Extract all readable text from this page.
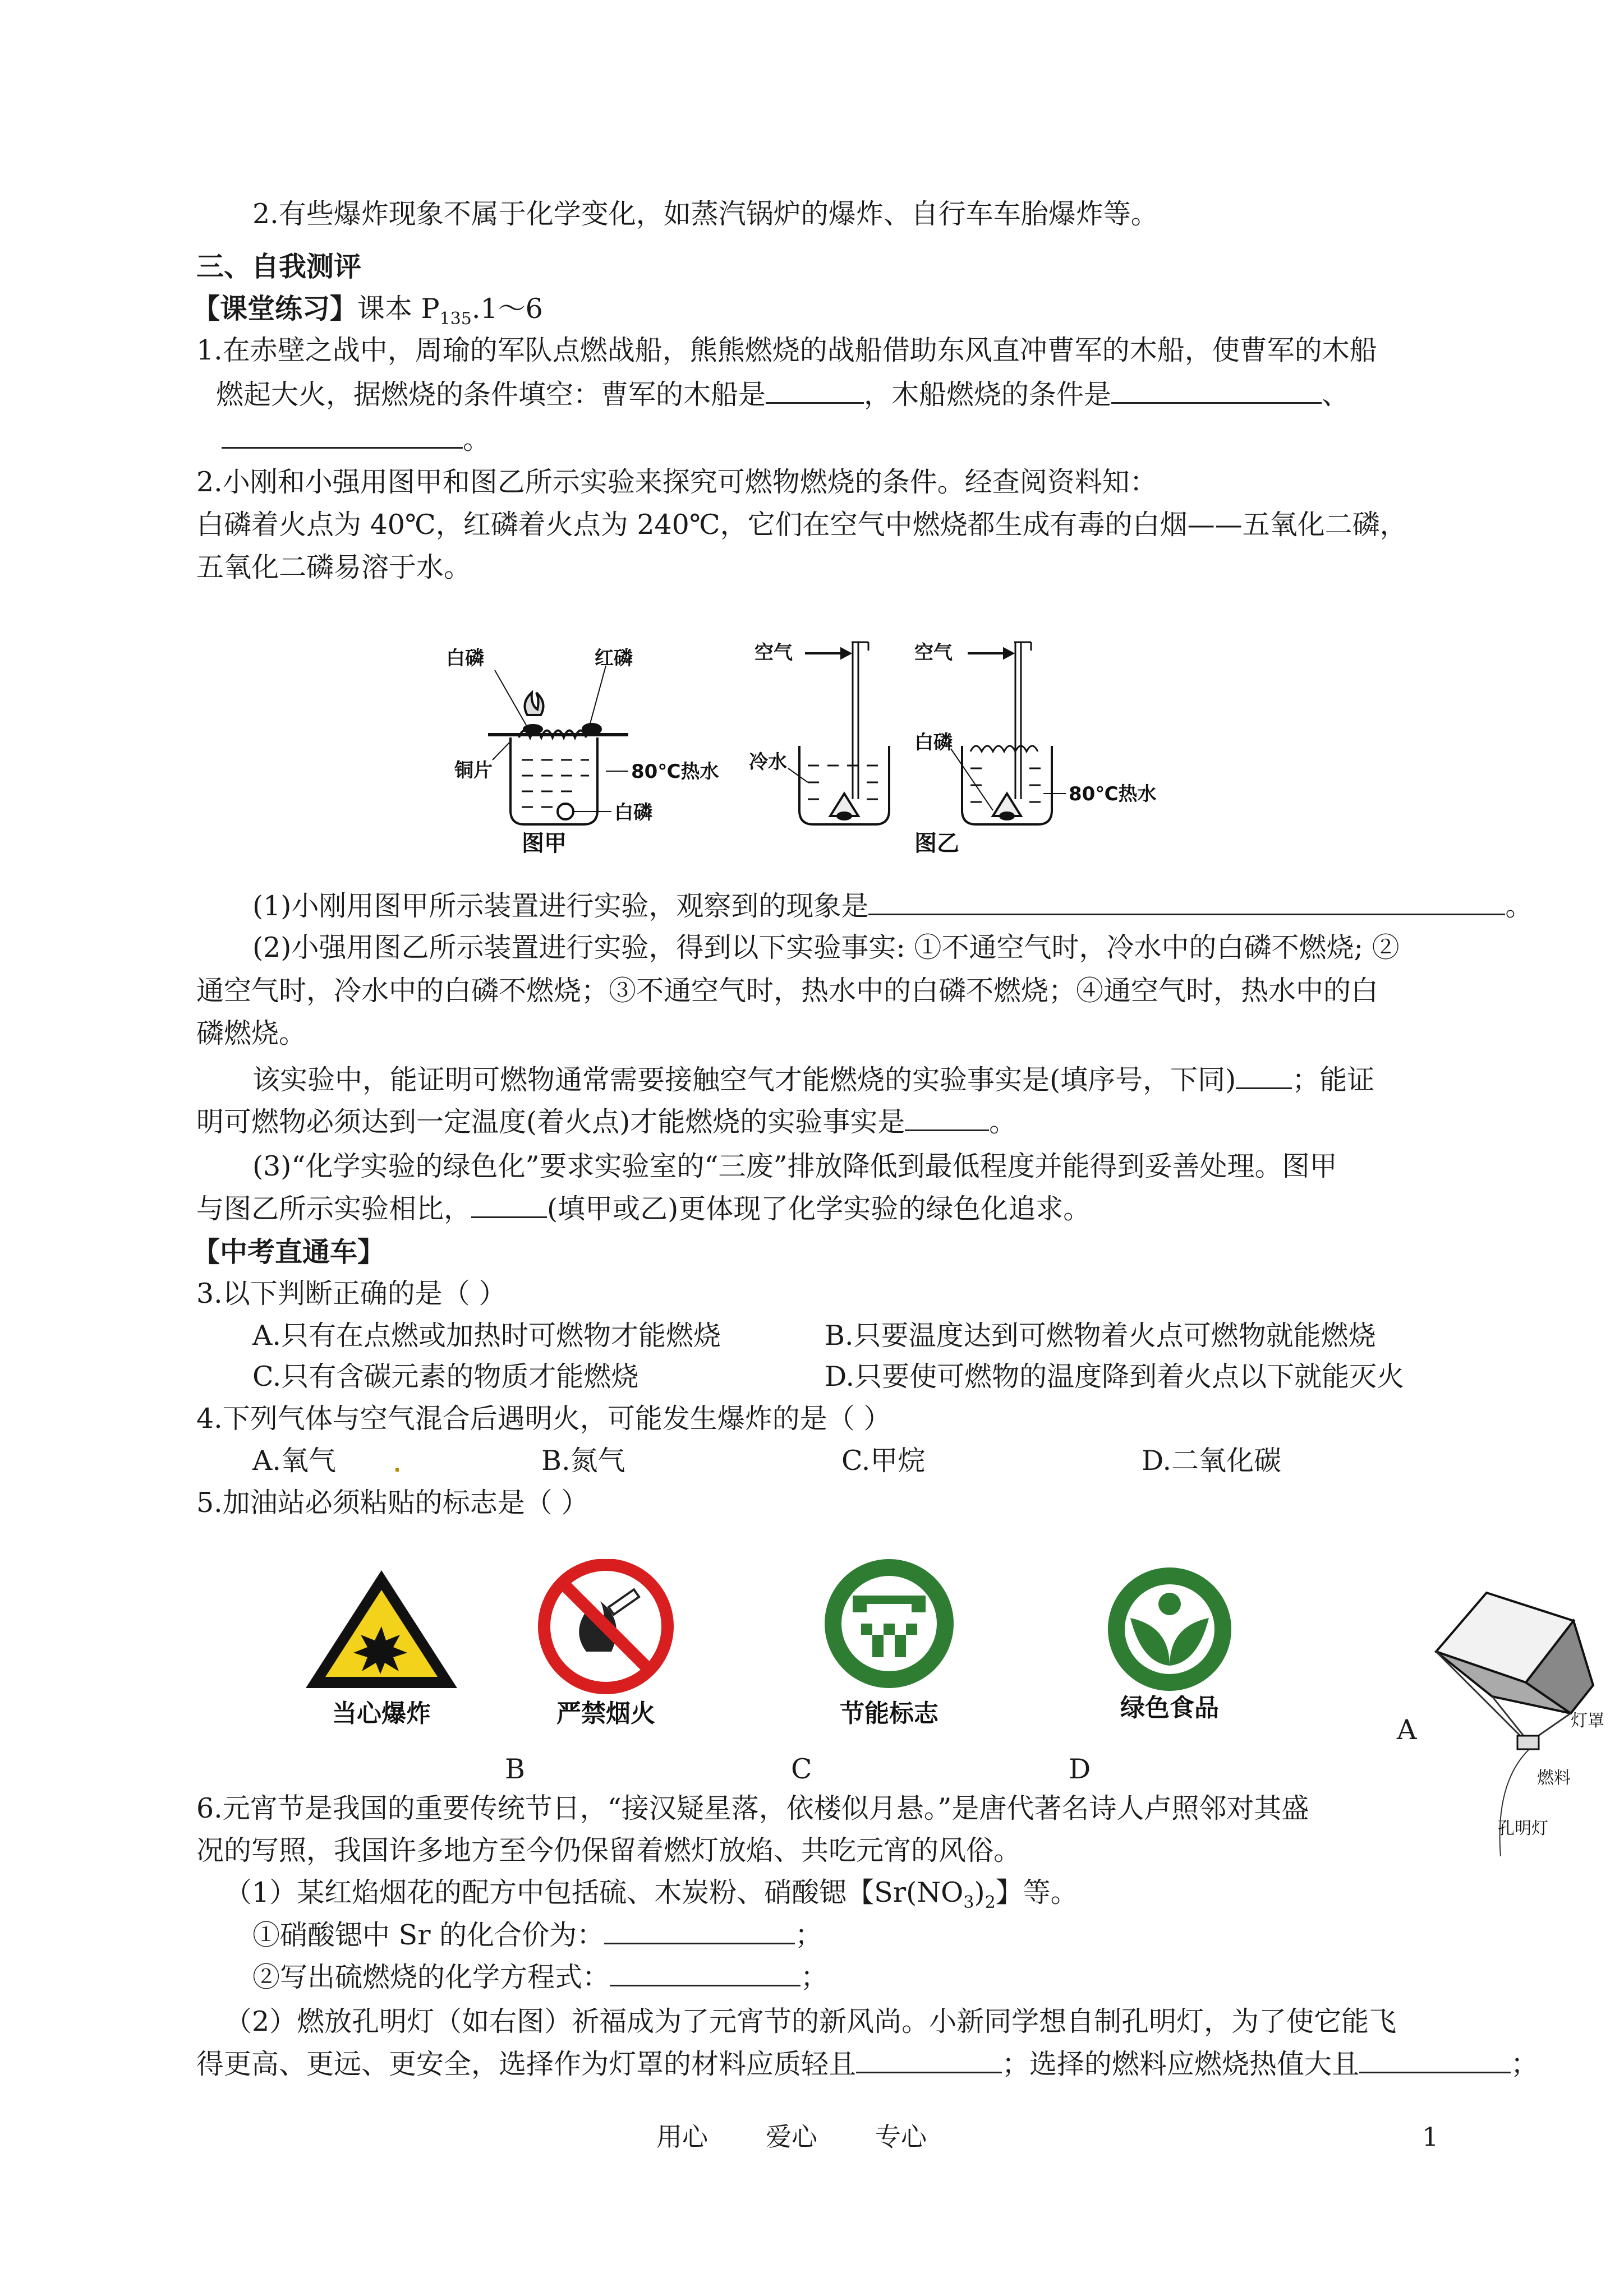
2.有些爆炸现象不属于化学变化，如蒸汽锅炉的爆炸、自行车车胎爆炸等。
三、自我测评
【课堂练习】课本 $P_{135}.1\sim 6$
1.在赤壁之战中，周瑜的军队点燃战船，熊熊燃烧的战船借助东风直冲曹军的木船，使曹军的木船
燃起大火，据燃烧的条件填空：曹军的木船是	，木船燃烧的条件是	、
。
2.小刚和小强用图甲和图乙所示实验来探究可燃物燃烧的条件。经查阅资料知：
白磷着火点为 40℃，红磷着火点为 240℃，它们在空气中燃烧都生成有毒的白烟——五氧化二磷，
五氧化二磷易溶于水。
白磷	红磷
铜片	80℃热水
白磷
图甲
空气	空气
冷水
白磷
80℃热水
图乙
(1)小刚用图甲所示装置进行实验，观察到的现象是	。
(2)小强用图乙所示装置进行实验，得到以下实验事实: ①不通空气时，冷水中的白磷不燃烧; ②
通空气时，冷水中的白磷不燃烧；③不通空气时，热水中的白磷不燃烧；④通空气时，热水中的白
磷燃烧。
该实验中，能证明可燃物通常需要接触空气才能燃烧的实验事实是(填序号，下同) ；能证
明可燃物必须达到一定温度(着火点)才能燃烧的实验事实是	。
(3)“化学实验的绿色化”要求实验室的“三废”排放降低到最低程度并能得到妥善处理。图甲
与图乙所示实验相比，	(填甲或乙)更体现了化学实验的绿色化追求。
【中考直通车】
3.以下判断正确的是（ ）
A.只有在点燃或加热时可燃物才能燃烧	B.只要温度达到可燃物着火点可燃物就能燃烧
C.只有含碳元素的物质才能燃烧	D.只要使可燃物的温度降到着火点以下就能灭火
4.下列气体与空气混合后遇明火，可能发生爆炸的是（ ）
A.氧气	B.氮气	C.甲烷	D.二氧化碳
5.加油站必须粘贴的标志是（ ）
当心爆炸	严禁烟火	节能标志	绿色食品
B	C	D
A	灯罩
燃料
孔明灯
6.元宵节是我国的重要传统节日，“接汉疑星落，依楼似月悬。”是唐代著名诗人卢照邻对其盛
况的写照，我国许多地方至今仍保留着燃灯放焰、共吃元宵的风俗。
（1）某红焰烟花的配方中包括硫、木炭粉、硝酸锶【$Sr(NO_3)_2$】等。
①硝酸锶中 Sr 的化合价为：	；
②写出硫燃烧的化学方程式：	；
（2）燃放孔明灯（如右图）祈福成为了元宵节的新风尚。小新同学想自制孔明灯，为了使它能飞
得更高、更远、更安全，选择作为灯罩的材料应质轻且	；选择的燃料应燃烧热值大且	；
用心 爱心 专心	1
